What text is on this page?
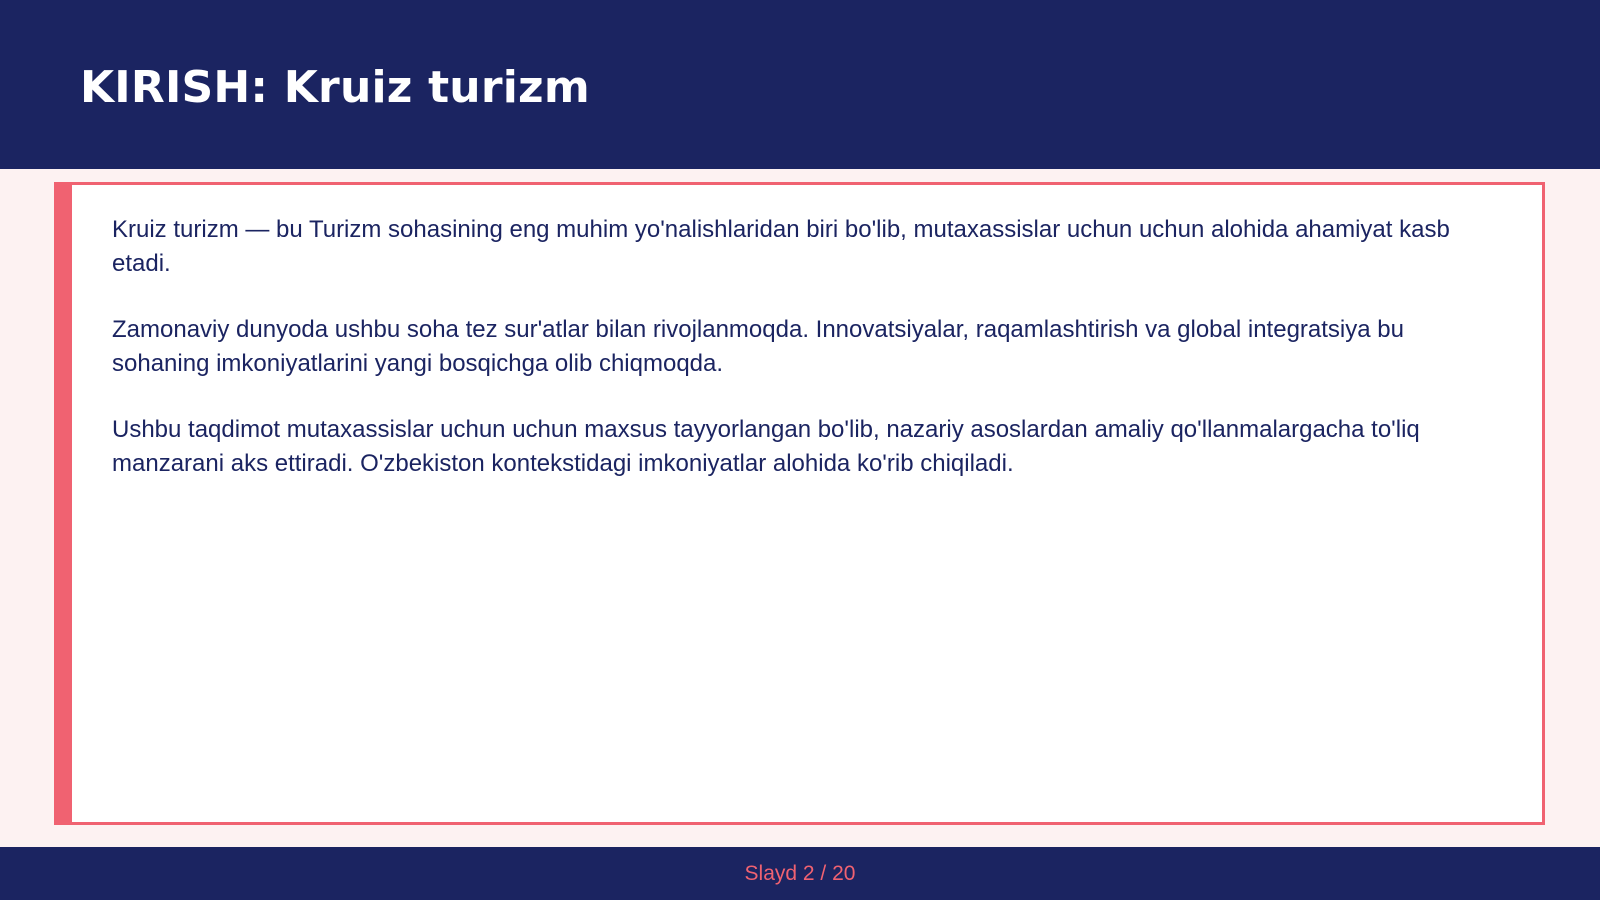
KIRISH: Kruiz turizm

Kruiz turizm — bu Turizm sohasining eng muhim yo'nalishlaridan biri bo'lib, mutaxassislar uchun uchun alohida ahamiyat kasb etadi.

Zamonaviy dunyoda ushbu soha tez sur'atlar bilan rivojlanmoqda. Innovatsiyalar, raqamlashtirish va global integratsiya bu sohaning imkoniyatlarini yangi bosqichga olib chiqmoqda.

Ushbu taqdimot mutaxassislar uchun uchun maxsus tayyorlangan bo'lib, nazariy asoslardan amaliy qo'llanmalargacha to'liq manzarani aks ettiradi. O'zbekiston kontekstidagi imkoniyatlar alohida ko'rib chiqiladi.

Slayd 2 / 20
